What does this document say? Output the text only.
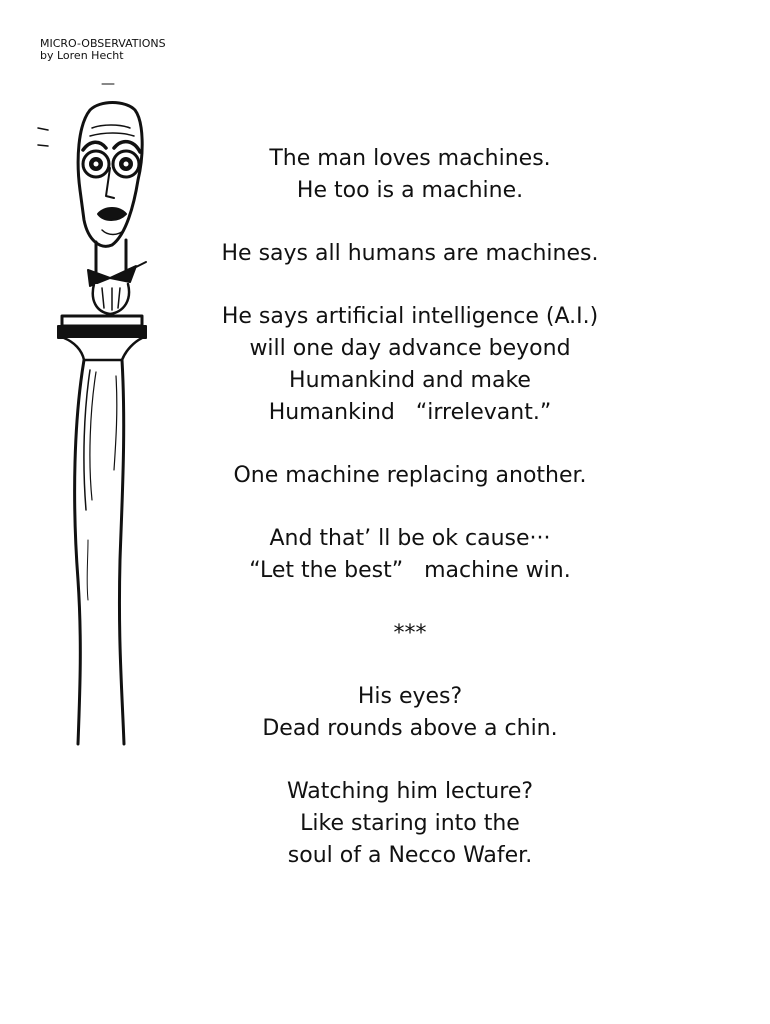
MICRO-OBSERVATIONS
by Loren Hecht
The man loves machines.
He too is a machine.
He says all humans are machines.
He says artificial intelligence (A.I.)
will one day advance beyond
Humankind and make
Humankind   “irrelevant.”
One machine replacing another.
And that’ ll be ok cause···
“Let the best”   machine win.
***
His eyes?
Dead rounds above a chin.
Watching him lecture?
Like staring into the
soul of a Necco Wafer.
